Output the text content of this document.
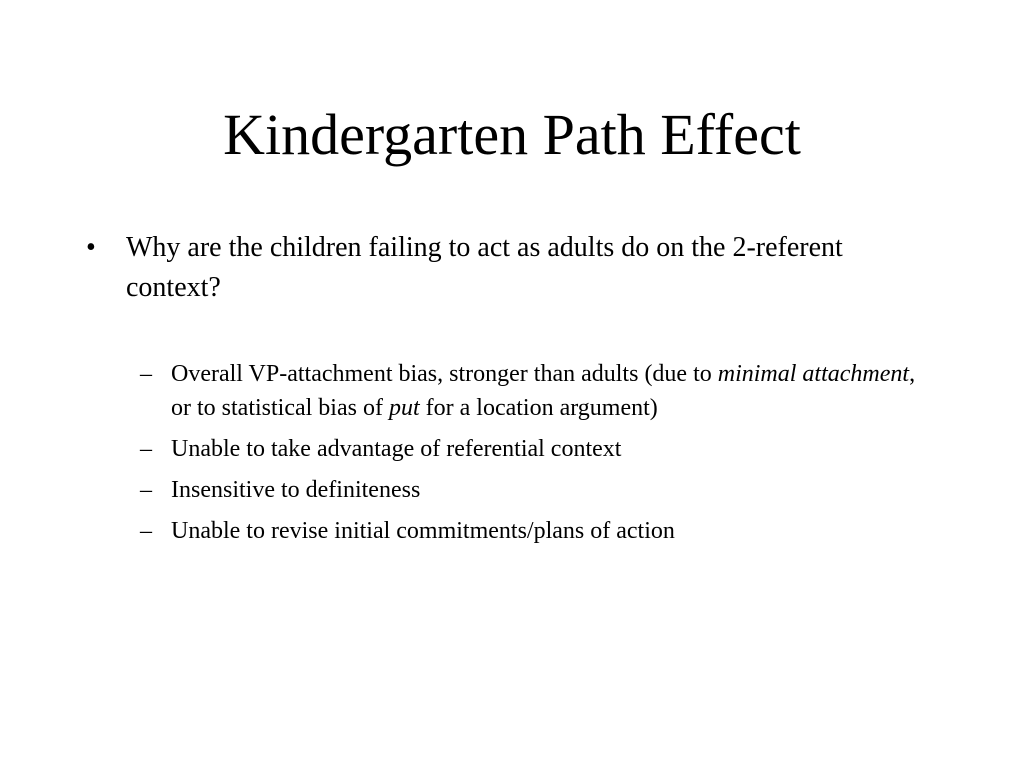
Kindergarten Path Effect
•	Why are the children failing to act as adults do on the 2-referent context?
– Overall VP-attachment bias, stronger than adults (due to minimal attachment, or to statistical bias of put for a location argument)
– Unable to take advantage of referential context
– Insensitive to definiteness
– Unable to revise initial commitments/plans of action
